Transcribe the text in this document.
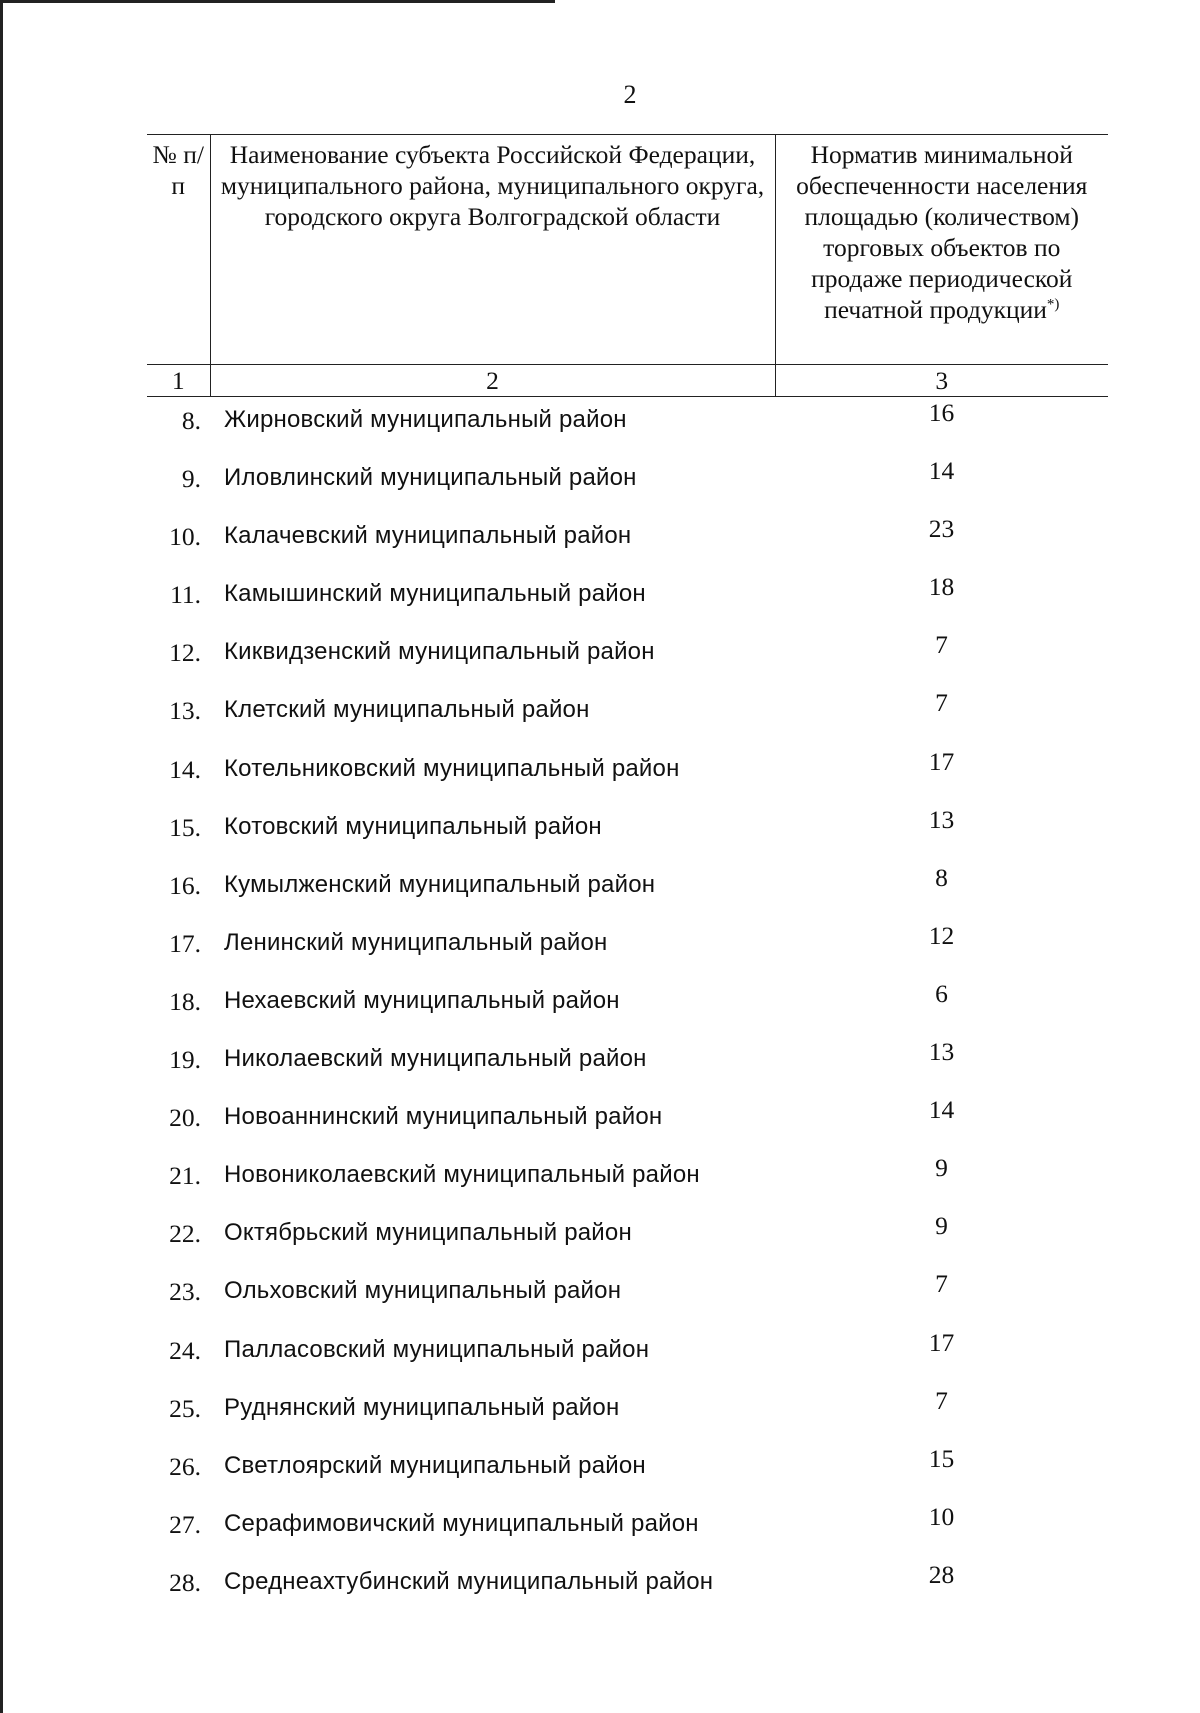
2
№ п/п	Наименование субъекта Российской Федерации, муниципального района, муниципального округа, городского округа Волгоградской области	Норматив минимальной обеспеченности населения площадью (количеством) торговых объектов по продаже периодической печатной продукции*)
1	2	3
8. Жирновский муниципальный район	16
9. Иловлинский муниципальный район	14
10. Калачевский муниципальный район	23
11. Камышинский муниципальный район	18
12. Киквидзенский муниципальный район	7
13. Клетский муниципальный район	7
14. Котельниковский муниципальный район	17
15. Котовский муниципальный район	13
16. Кумылженский муниципальный район	8
17. Ленинский муниципальный район	12
18. Нехаевский муниципальный район	6
19. Николаевский муниципальный район	13
20. Новоаннинский муниципальный район	14
21. Новониколаевский муниципальный район	9
22. Октябрьский муниципальный район	9
23. Ольховский муниципальный район	7
24. Палласовский муниципальный район	17
25. Руднянский муниципальный район	7
26. Светлоярский муниципальный район	15
27. Серафимовичский муниципальный район	10
28. Среднеахтубинский муниципальный район	28
